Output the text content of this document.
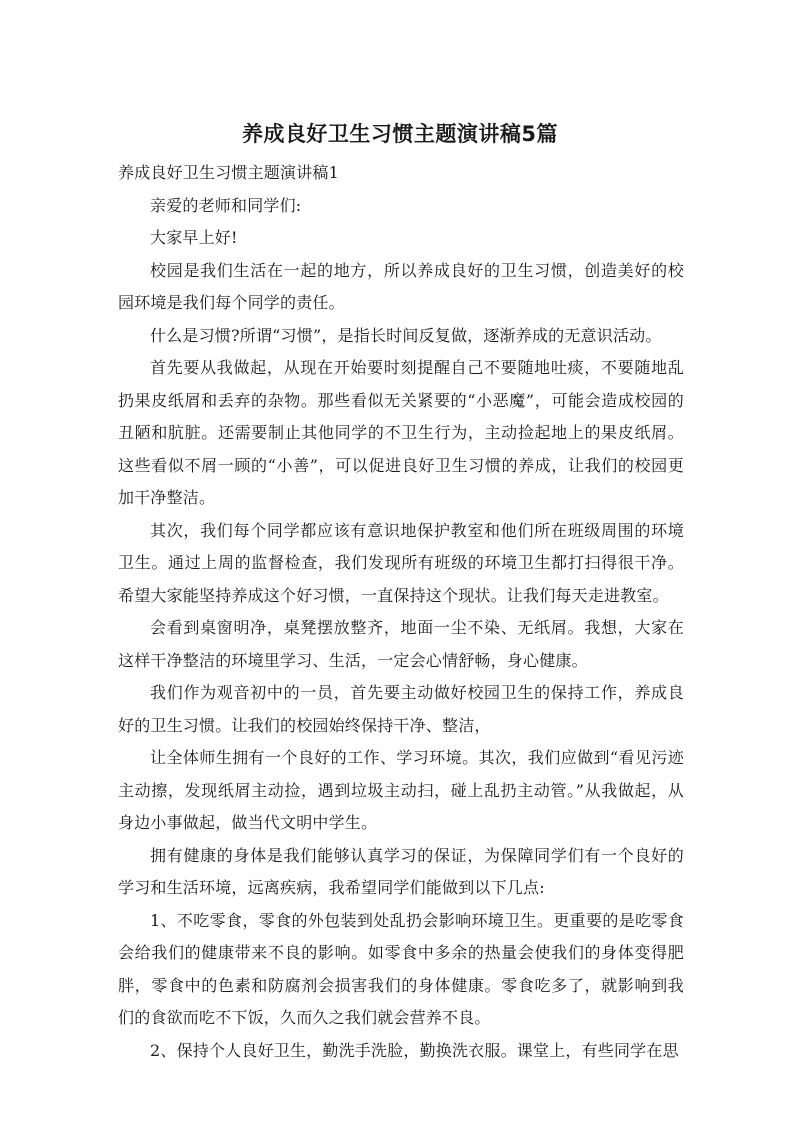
养成良好卫生习惯主题演讲稿5篇
养成良好卫生习惯主题演讲稿1

亲爱的老师和同学们:

大家早上好!

校园是我们生活在一起的地方，所以养成良好的卫生习惯，创造美好的校园环境是我们每个同学的责任。

什么是习惯?所谓“习惯”，是指长时间反复做，逐渐养成的无意识活动。

首先要从我做起，从现在开始要时刻提醒自己不要随地吐痰，不要随地乱扔果皮纸屑和丢弃的杂物。那些看似无关紧要的“小恶魔”，可能会造成校园的丑陋和肮脏。还需要制止其他同学的不卫生行为，主动捡起地上的果皮纸屑。这些看似不屑一顾的“小善”，可以促进良好卫生习惯的养成，让我们的校园更加干净整洁。

其次，我们每个同学都应该有意识地保护教室和他们所在班级周围的环境卫生。通过上周的监督检查，我们发现所有班级的环境卫生都打扫得很干净。希望大家能坚持养成这个好习惯，一直保持这个现状。让我们每天走进教室。

会看到桌窗明净，桌凳摆放整齐，地面一尘不染、无纸屑。我想，大家在这样干净整洁的环境里学习、生活，一定会心情舒畅，身心健康。

我们作为观音初中的一员，首先要主动做好校园卫生的保持工作，养成良好的卫生习惯。让我们的校园始终保持干净、整洁，

让全体师生拥有一个良好的工作、学习环境。其次，我们应做到“看见污迹主动擦，发现纸屑主动捡，遇到垃圾主动扫，碰上乱扔主动管。”从我做起，从身边小事做起，做当代文明中学生。

拥有健康的身体是我们能够认真学习的保证，为保障同学们有一个良好的学习和生活环境，远离疾病，我希望同学们能做到以下几点:

1、不吃零食，零食的外包装到处乱扔会影响环境卫生。更重要的是吃零食会给我们的健康带来不良的影响。如零食中多余的热量会使我们的身体变得肥胖，零食中的色素和防腐剂会损害我们的身体健康。零食吃多了，就影响到我们的食欲而吃不下饭，久而久之我们就会营养不良。

2、保持个人良好卫生，勤洗手洗脸，勤换洗衣服。课堂上，有些同学在思
